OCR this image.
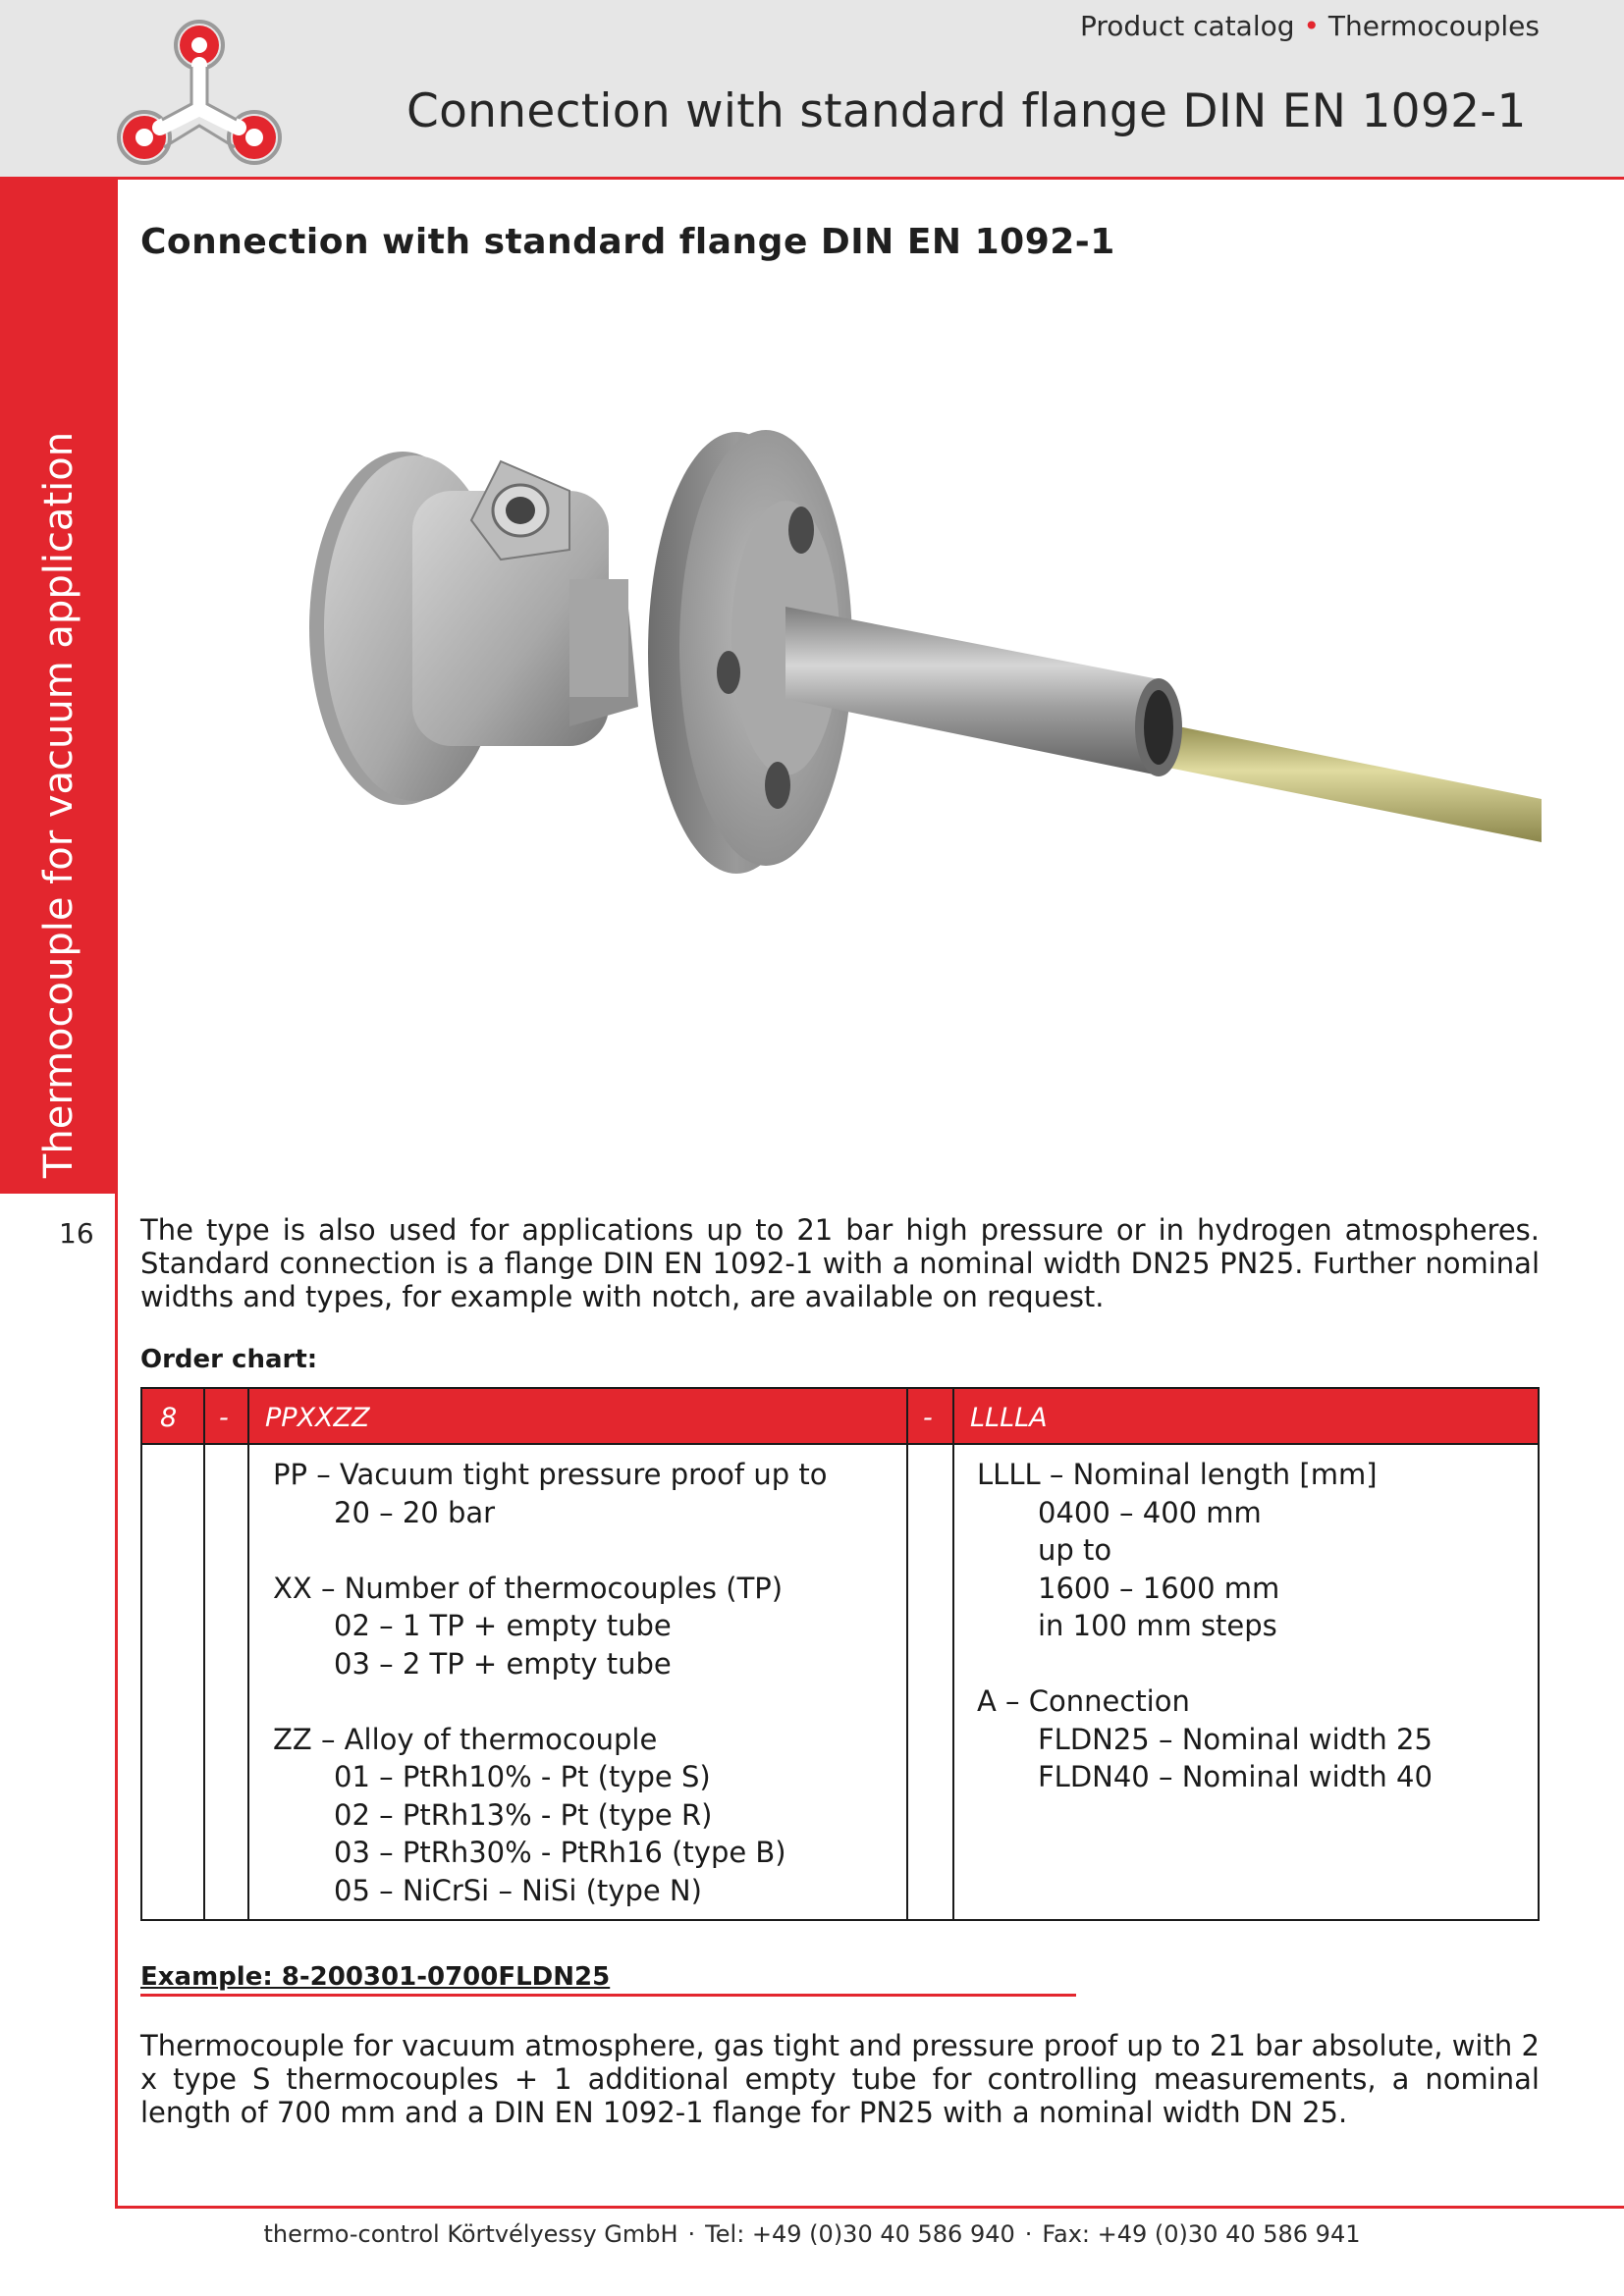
Product catalog • Thermocouples
Connection with standard flange DIN EN 1092-1
Thermocouple for vacuum application
16
Connection with standard flange DIN EN 1092-1
The type is also used for applications up to 21 bar high pressure or in hydrogen atmospheres. Standard connection is a flange DIN EN 1092-1 with a nominal width DN25 PN25. Further nominal widths and types, for example with notch, are available on request.
Order chart:
8 - PPXXZZ	- LLLLA
PP – Vacuum tight pressure proof up to
20 – 20 bar
XX – Number of thermocouples (TP)
02 – 1 TP + empty tube
03 – 2 TP + empty tube
ZZ – Alloy of thermocouple
01 – PtRh10% - Pt (type S)
02 – PtRh13% - Pt (type R)
03 – PtRh30% - PtRh16 (type B)
05 – NiCrSi – NiSi (type N)
LLLL – Nominal length [mm]
0400 – 400 mm
up to
1600 – 1600 mm
in 100 mm steps
A – Connection
FLDN25 – Nominal width 25
FLDN40 – Nominal width 40
Example: 8-200301-0700FLDN25
Thermocouple for vacuum atmosphere, gas tight and pressure proof up to 21 bar absolute, with 2 x type S thermocouples + 1 additional empty tube for controlling measurements, a nominal length of 700 mm and a DIN EN 1092-1 flange for PN25 with a nominal width DN 25.
thermo-control Körtvélyessy GmbH · Tel: +49 (0)30 40 586 940 · Fax: +49 (0)30 40 586 941
